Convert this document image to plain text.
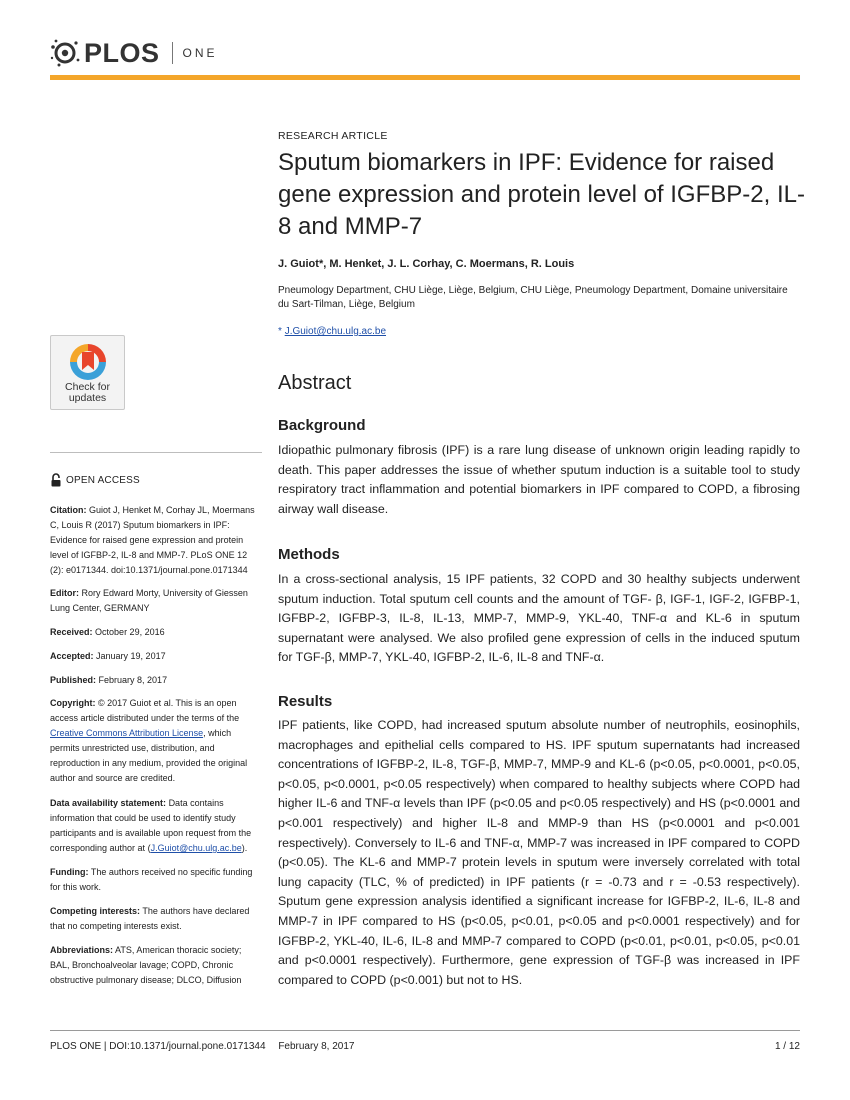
PLOS ONE
Check for
updates
OPEN ACCESS

Citation: Guiot J, Henket M, Corhay JL, Moermans C, Louis R (2017) Sputum biomarkers in IPF: Evidence for raised gene expression and protein level of IGFBP-2, IL-8 and MMP-7. PLoS ONE 12 (2): e0171344. doi:10.1371/journal.pone.0171344

Editor: Rory Edward Morty, University of Giessen Lung Center, GERMANY

Received: October 29, 2016

Accepted: January 19, 2017

Published: February 8, 2017

Copyright: © 2017 Guiot et al. This is an open access article distributed under the terms of the Creative Commons Attribution License, which permits unrestricted use, distribution, and reproduction in any medium, provided the original author and source are credited.

Data availability statement: Data contains information that could be used to identify study participants and is available upon request from the corresponding author at (J.Guiot@chu.ulg.ac.be).

Funding: The authors received no specific funding for this work.

Competing interests: The authors have declared that no competing interests exist.

Abbreviations: ATS, American thoracic society; BAL, Bronchoalveolar lavage; COPD, Chronic obstructive pulmonary disease; DLCO, Diffusion

RESEARCH ARTICLE
Sputum biomarkers in IPF: Evidence for raised gene expression and protein level of IGFBP-2, IL-8 and MMP-7
J. Guiot*, M. Henket, J. L. Corhay, C. Moermans, R. Louis
Pneumology Department, CHU Liège, Liège, Belgium, CHU Liège, Pneumology Department, Domaine universitaire du Sart-Tilman, Liège, Belgium
* J.Guiot@chu.ulg.ac.be
Abstract
Background

Idiopathic pulmonary fibrosis (IPF) is a rare lung disease of unknown origin leading rapidly to death. This paper addresses the issue of whether sputum induction is a suitable tool to study respiratory tract inflammation and potential biomarkers in IPF compared to COPD, a fibrosing airway wall disease.

Methods

In a cross-sectional analysis, 15 IPF patients, 32 COPD and 30 healthy subjects underwent sputum induction. Total sputum cell counts and the amount of TGF- β, IGF-1, IGF-2, IGFBP-1, IGFBP-2, IGFBP-3, IL-8, IL-13, MMP-7, MMP-9, YKL-40, TNF-α and KL-6 in sputum supernatant were analysed. We also profiled gene expression of cells in the induced sputum for TGF-β, MMP-7, YKL-40, IGFBP-2, IL-6, IL-8 and TNF-α.

Results

IPF patients, like COPD, had increased sputum absolute number of neutrophils, eosinophils, macrophages and epithelial cells compared to HS. IPF sputum supernatants had increased concentrations of IGFBP-2, IL-8, TGF-β, MMP-7, MMP-9 and KL-6 (p<0.05, p<0.0001, p<0.05, p<0.05, p<0.0001, p<0.05 respectively) when compared to healthy subjects where COPD had higher IL-6 and TNF-α levels than IPF (p<0.05 and p<0.05 respectively) and HS (p<0.0001 and p<0.001 respectively) and higher IL-8 and MMP-9 than HS (p<0.0001 and p<0.001 respectively). Conversely to IL-6 and TNF-α, MMP-7 was increased in IPF compared to COPD (p<0.05). The KL-6 and MMP-7 protein levels in sputum were inversely correlated with total lung capacity (TLC, % of predicted) in IPF patients (r = -0.73 and r = -0.53 respectively). Sputum gene expression analysis identified a significant increase for IGFBP-2, IL-6, IL-8 and MMP-7 in IPF compared to HS (p<0.05, p<0.01, p<0.05 and p<0.0001 respectively) and for IGFBP-2, YKL-40, IL-6, IL-8 and MMP-7 compared to COPD (p<0.01, p<0.01, p<0.05, p<0.01 and p<0.0001 respectively). Furthermore, gene expression of TGF-β was increased in IPF compared to COPD (p<0.001) but not to HS.

PLOS ONE | DOI:10.1371/journal.pone.0171344 February 8, 2017	1 / 12
